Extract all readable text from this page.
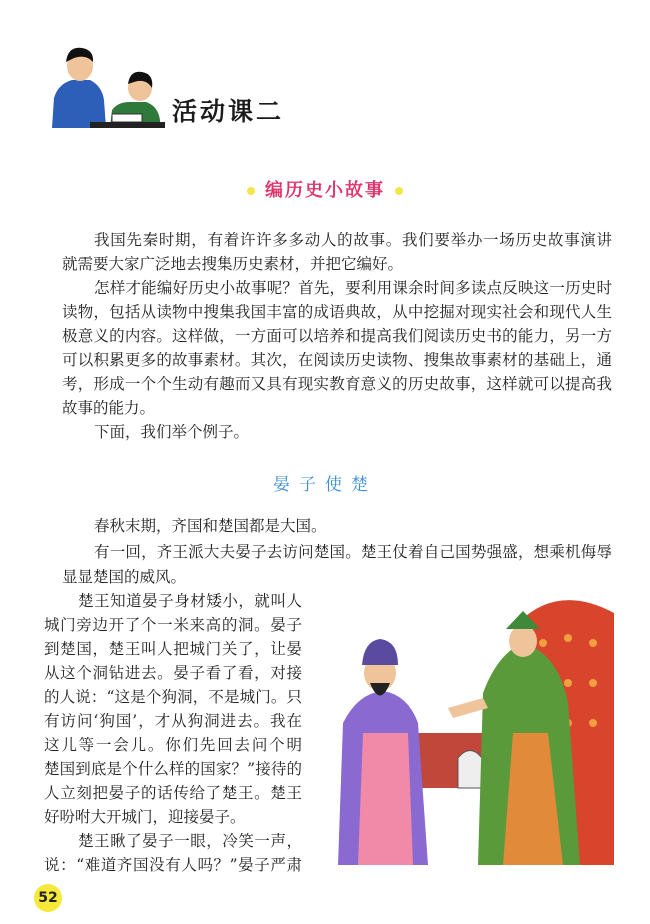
活动课二
编历史小故事
我国先秦时期，有着许许多多动人的故事。我们要举办一场历史故事演讲
就需要大家广泛地去搜集历史素材，并把它编好。
怎样才能编好历史小故事呢？首先，要利用课余时间多读点反映这一历史时
读物，包括从读物中搜集我国丰富的成语典故，从中挖掘对现实社会和现代人生
极意义的内容。这样做，一方面可以培养和提高我们阅读历史书的能力，另一方
可以积累更多的故事素材。其次，在阅读历史读物、搜集故事素材的基础上，通
考，形成一个个生动有趣而又具有现实教育意义的历史故事，这样就可以提高我
故事的能力。
下面，我们举个例子。
晏子使楚
春秋末期，齐国和楚国都是大国。
有一回，齐王派大夫晏子去访问楚国。楚王仗着自己国势强盛，想乘机侮辱
显显楚国的威风。
楚王知道晏子身材矮小，就叫人
城门旁边开了个一米来高的洞。晏子
到楚国，楚王叫人把城门关了，让晏
从这个洞钻进去。晏子看了看，对接
的人说：“这是个狗洞，不是城门。只
有访问‘狗国’，才从狗洞进去。我在
这儿等一会儿。你们先回去问个明
楚国到底是个什么样的国家？”接待的
人立刻把晏子的话传给了楚王。楚王
好吩咐大开城门，迎接晏子。
楚王瞅了晏子一眼，冷笑一声，
说：“难道齐国没有人吗？”晏子严肃
52
